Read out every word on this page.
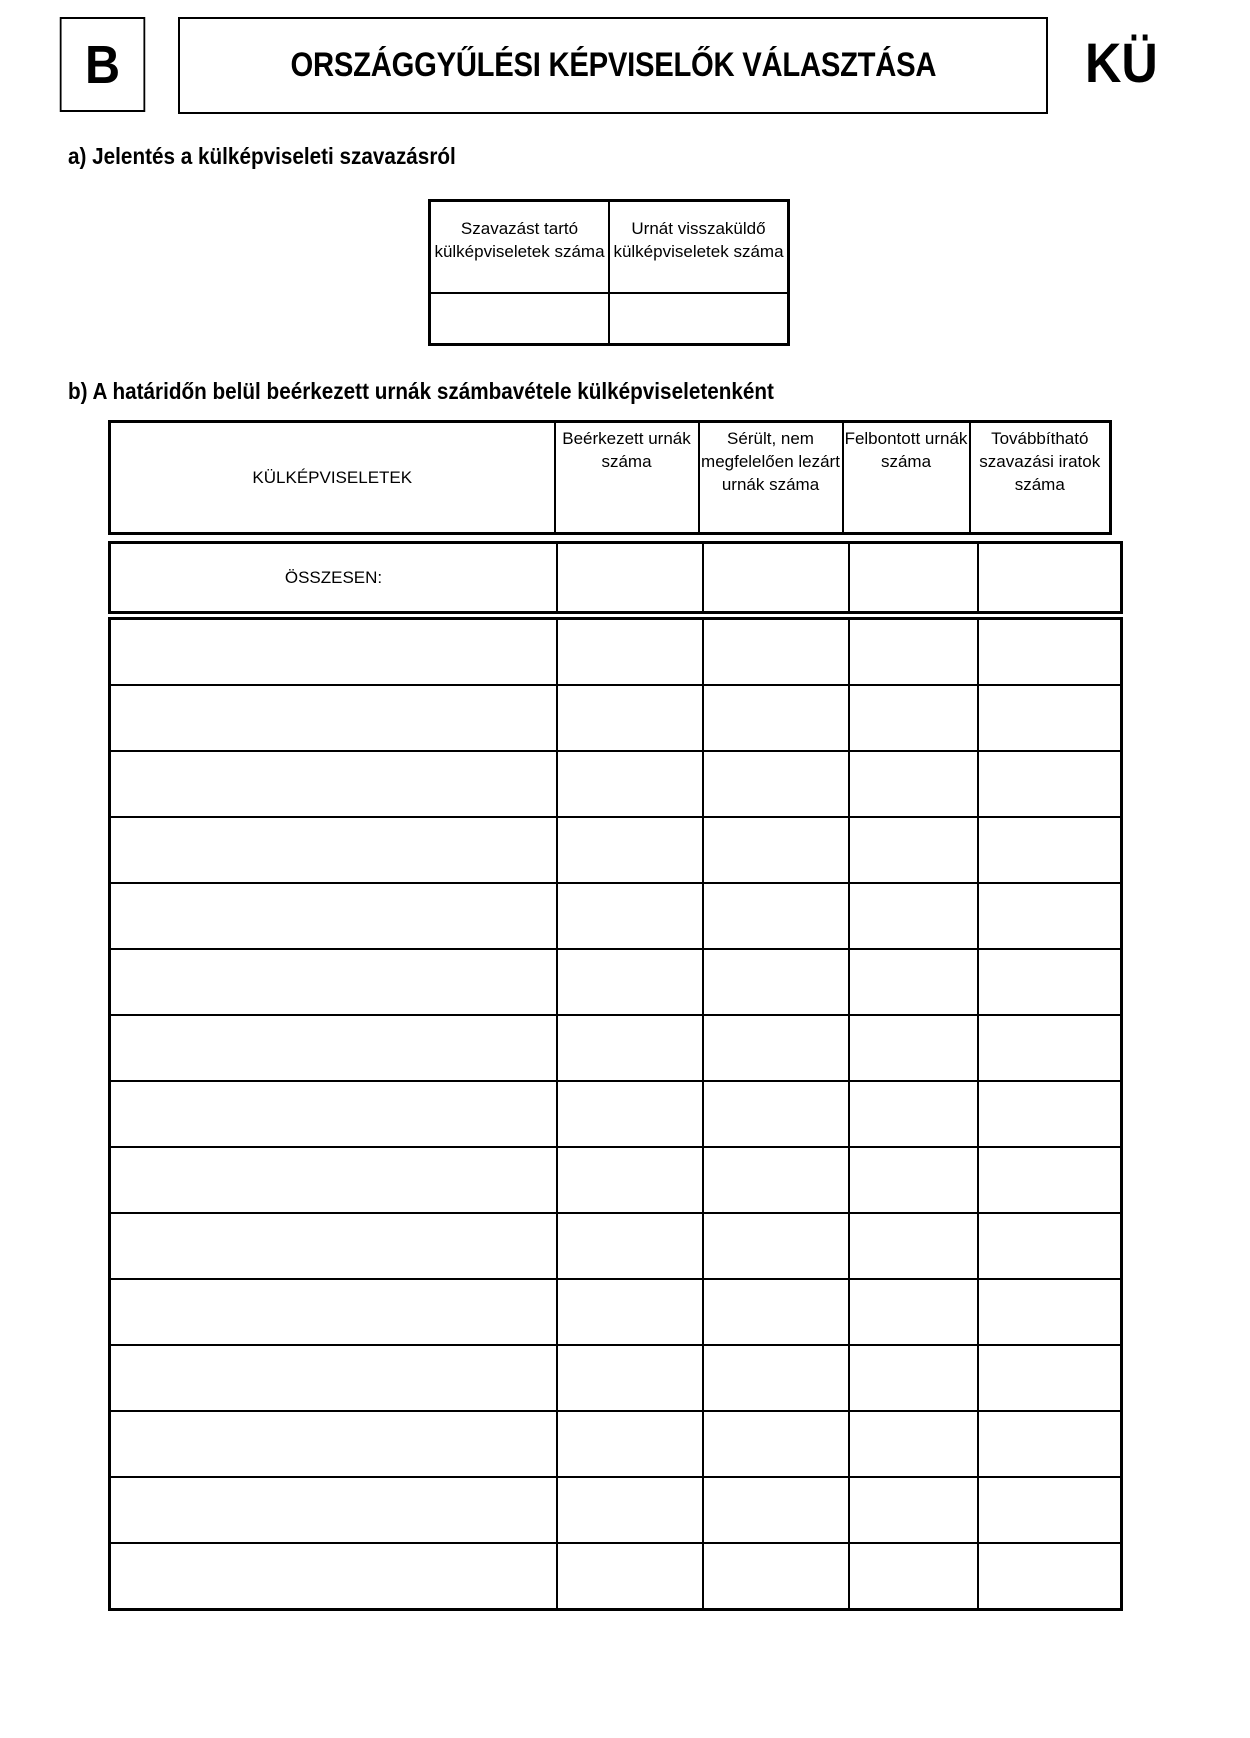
B	ORSZÁGGYŰLÉSI KÉPVISELŐK VÁLASZTÁSA	KÜ
a) Jelentés a külképviseleti szavazásról
Szavazást tartó külképviseletek száma	Urnát visszaküldő külképviseletek száma

b) A határidőn belül beérkezett urnák számbavétele külképviseletenként
KÜLKÉPVISELETEK	Beérkezett urnák száma	Sérült, nem megfelelően lezárt urnák száma	Felbontott urnák száma	Továbbítható szavazási iratok száma
ÖSSZESEN:				
